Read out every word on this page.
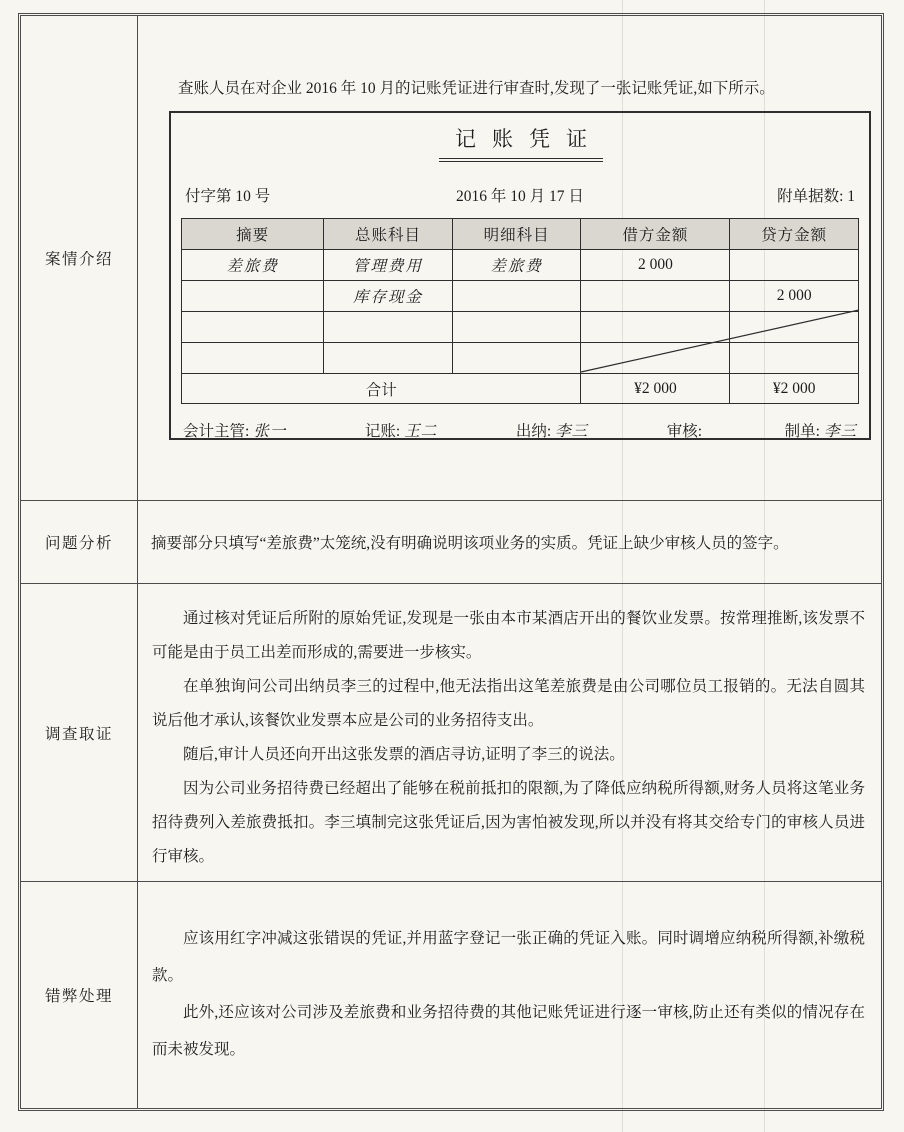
案情介绍
查账人员在对企业 2016 年 10 月的记账凭证进行审查时,发现了一张记账凭证,如下所示。
记账凭证
付字第 10 号	2016 年 10 月 17 日	附单据数: 1
摘要	总账科目	明细科目	借方金额	贷方金额
差旅费	管理费用	差旅费	2 000	
	库存现金			2 000

合计			¥2 000	¥2 000
会计主管: 张一	记账: 王二	出纳: 李三	审核:	制单: 李三
问题分析	摘要部分只填写“差旅费”太笼统,没有明确说明该项业务的实质。凭证上缺少审核人员的签字。
调查取证

通过核对凭证后所附的原始凭证,发现是一张由本市某酒店开出的餐饮业发票。按常理推断,该发票不可能是由于员工出差而形成的,需要进一步核实。

在单独询问公司出纳员李三的过程中,他无法指出这笔差旅费是由公司哪位员工报销的。无法自圆其说后他才承认,该餐饮业发票本应是公司的业务招待支出。

随后,审计人员还向开出这张发票的酒店寻访,证明了李三的说法。

因为公司业务招待费已经超出了能够在税前抵扣的限额,为了降低应纳税所得额,财务人员将这笔业务招待费列入差旅费抵扣。李三填制完这张凭证后,因为害怕被发现,所以并没有将其交给专门的审核人员进行审核。

错弊处理

应该用红字冲减这张错误的凭证,并用蓝字登记一张正确的凭证入账。同时调增应纳税所得额,补缴税款。

此外,还应该对公司涉及差旅费和业务招待费的其他记账凭证进行逐一审核,防止还有类似的情况存在而未被发现。
